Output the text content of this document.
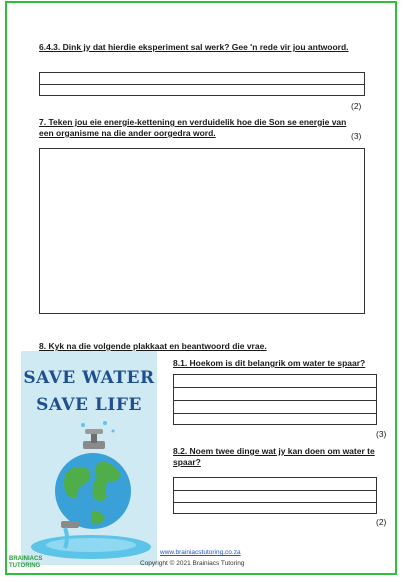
6.4.3. Dink jy dat hierdie eksperiment sal werk? Gee 'n rede vir jou antwoord.
(2)
7. Teken jou eie energie-kettening en verduidelik hoe die Son se energie van een organisme na die ander oorgedra word.	(3)
8. Kyk na die volgende plakkaat en beantwoord die vrae.
SAVE WATER
SAVE LIFE
8.1. Hoekom is dit belangrik om water te spaar?
(3)
8.2. Noem twee dinge wat jy kan doen om water te spaar?
(2)
BRAINIACS TUTORING
www.brainiacstutoring.co.za
Copyright © 2021 Brainiacs Tutoring
